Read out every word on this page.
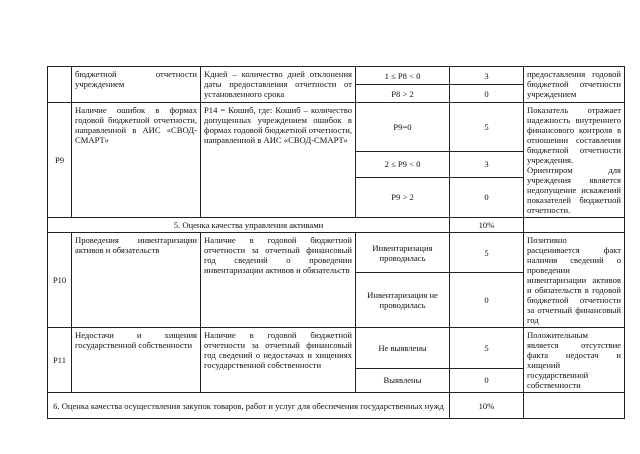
	бюджетной отчетности учреждением	Kдней – количество дней отклонения даты предоставления отчетности от установленного срока	1 ≤ P8 < 0	3	предоставления годовой бюджетной отчетности учреждением
			P8 > 2	0	
P9	Наличие ошибок в формах годовой бюджетной отчетности, направленной в АИС «СВОД-СМАРТ»	P14 = Кошиб, где: Кошиб – количество допущенных учреждением ошибок в формах годовой бюджетной отчетности, направленной в АИС «СВОД-СМАРТ»	P9=0	5	Показатель отражает надежность внутреннего финансового контроля в отношении составления бюджетной отчетности учреждения. Ориентиром для учреждения является недопущение искажений показателей бюджетной отчетности.
			2 ≤ P9 < 0	3	
			P9 > 2	0	
5. Оценка качества управления активами				10%	
P10	Проведения инвентаризации активов и обязательств	Наличие в годовой бюджетной отчетности за отчетный финансовый год сведений о проведении инвентаризации активов и обязательств	Инвентаризация проводилась	5	Позитивно расценивается факт наличия сведений о проведении инвентаризации активов и обязательств в годовой бюджетной отчетности за отчетный финансовый год
			Инвентаризация не проводилась	0	
P11	Недостачи и хищения государственной собственности	Наличие в годовой бюджетной отчетности за отчетный финансовый год сведений о недостачах и хищениях государственной собственности	Не выявлены	5	Положительным является отсутствие факта недостач и хищений государственной собственности
			Выявлены	0	
6. Оценка качества осуществления закупок товаров, работ и услуг для обеспечения государственных нужд				10%	
